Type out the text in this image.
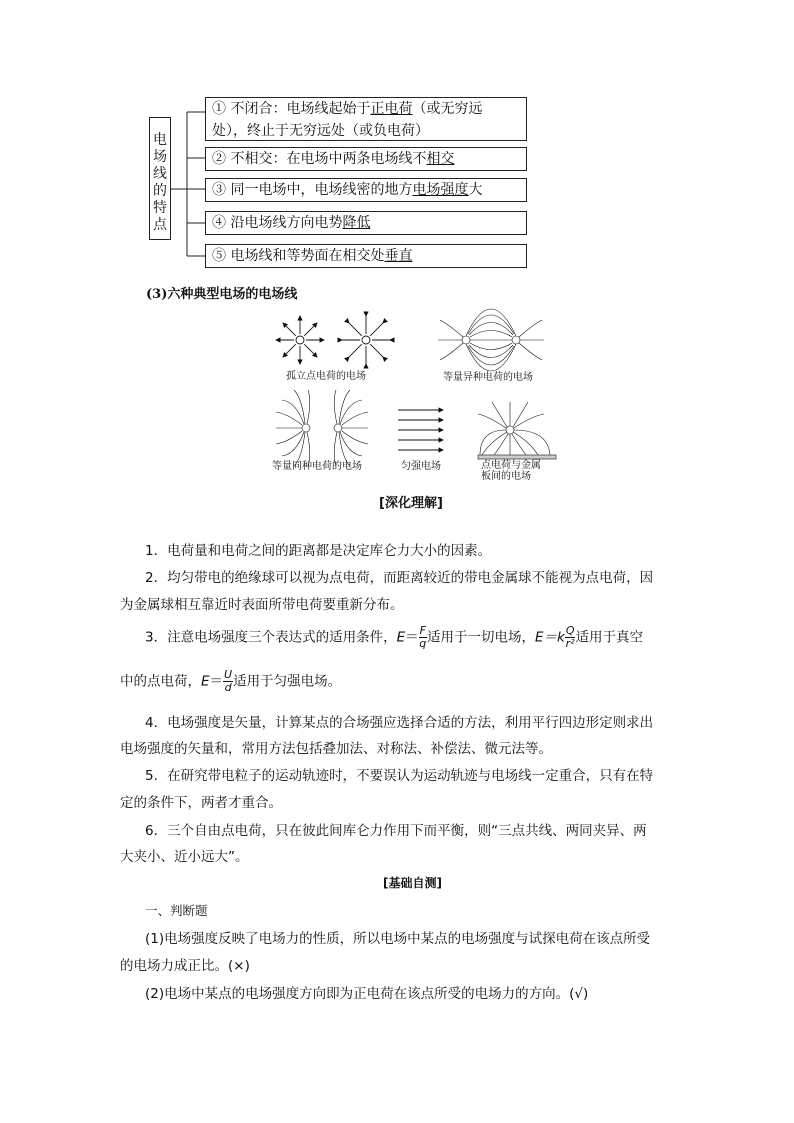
电
场
线
的
特
点
① 不闭合：电场线起始于正电荷（或无穷远
处），终止于无穷远处（或负电荷）
② 不相交：在电场中两条电场线不相交
③ 同一电场中，电场线密的地方电场强度大
④ 沿电场线方向电势降低
⑤ 电场线和等势面在相交处垂直
(3)六种典型电场的电场线
孤立点电荷的电场	等量异种电荷的电场
等量同种电荷的电场	匀强电场	点电荷与金属
板间的电场
[深化理解]
1．电荷量和电荷之间的距离都是决定库仑力大小的因素。
2．均匀带电的绝缘球可以视为点电荷，而距离较近的带电金属球不能视为点电荷，因
为金属球相互靠近时表面所带电荷要重新分布。
3．注意电场强度三个表达式的适用条件，$E= \frac{F}{q}$ 适用于一切电场，$E=k \frac{Q}{\text{r²}}$ 适用于真空
中的点电荷，$E= \frac{U}{d}$ 适用于匀强电场。
4．电场强度是矢量，计算某点的合场强应选择合适的方法，利用平行四边形定则求出
电场强度的矢量和，常用方法包括叠加法、对称法、补偿法、微元法等。
5．在研究带电粒子的运动轨迹时，不要误认为运动轨迹与电场线一定重合，只有在特
定的条件下，两者才重合。
6．三个自由点电荷，只在彼此间库仑力作用下而平衡，则“三点共线、两同夹异、两
大夹小、近小远大”。
[基础自测]
一、判断题
(1)电场强度反映了电场力的性质，所以电场中某点的电场强度与试探电荷在该点所受
的电场力成正比。(×)
(2)电场中某点的电场强度方向即为正电荷在该点所受的电场力的方向。(√)
